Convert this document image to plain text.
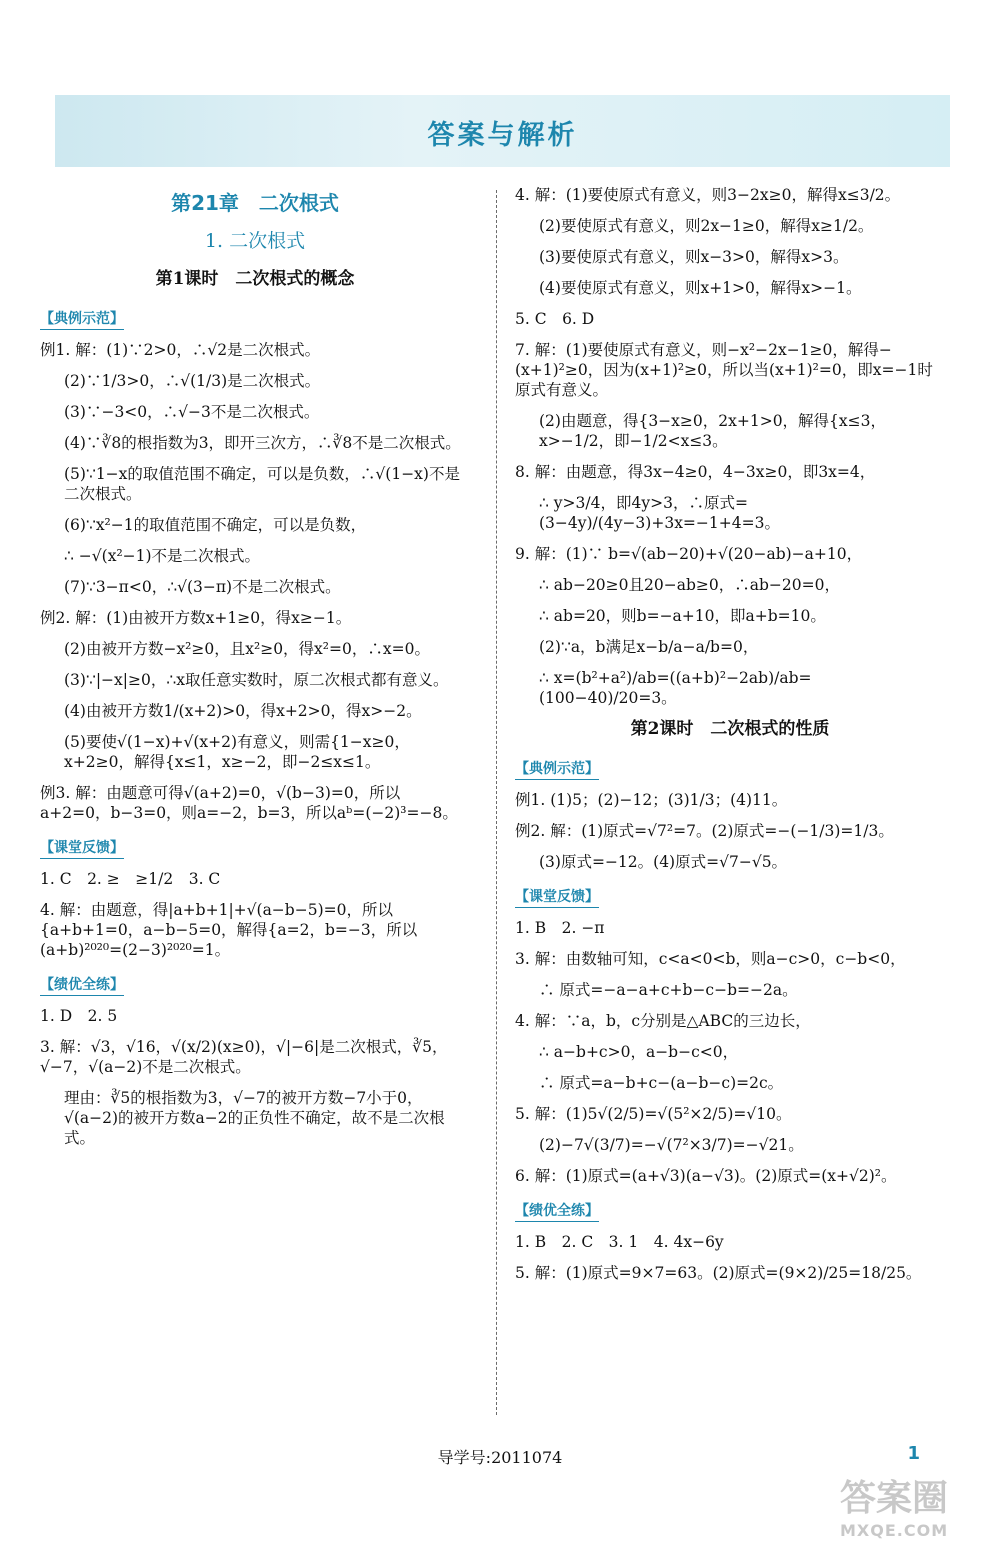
答案与解析
第21章　二次根式
1. 二次根式
第1课时　二次根式的概念
【典例示范】
例1. 解：(1)∵2>0，∴√2是二次根式。
(2)∵1/3>0，∴√(1/3)是二次根式。
(3)∵−3<0，∴√−3不是二次根式。
(4)∵∛8的根指数为3，即开三次方，∴∛8不是二次根式。
(5)∵1−x的取值范围不确定，可以是负数，∴√(1−x)不是二次根式。
(6)∵x²−1的取值范围不确定，可以是负数，
∴ −√(x²−1)不是二次根式。
(7)∵3−π<0，∴√(3−π)不是二次根式。
例2. 解：(1)由被开方数x+1≥0，得x≥−1。
(2)由被开方数−x²≥0，且x²≥0，得x²=0，∴x=0。
(3)∵|−x|≥0，∴x取任意实数时，原二次根式都有意义。
(4)由被开方数1/(x+2)>0，得x+2>0，得x>−2。
(5)要使√(1−x)+√(x+2)有意义，则需{1−x≥0，x+2≥0，解得{x≤1，x≥−2，即−2≤x≤1。
例3. 解：由题意可得√(a+2)=0，√(b−3)=0，所以a+2=0，b−3=0，则a=−2，b=3，所以aᵇ=(−2)³=−8。
【课堂反馈】
1. C　2. ≥　≥1/2　3. C
4. 解：由题意，得|a+b+1|+√(a−b−5)=0，所以{a+b+1=0，a−b−5=0，解得{a=2，b=−3，所以(a+b)²⁰²⁰=(2−3)²⁰²⁰=1。
【绩优全练】
1. D　2. 5
3. 解：√3，√16，√(x/2)(x≥0)，√|−6|是二次根式，∛5，√−7，√(a−2)不是二次根式。
理由：∛5的根指数为3，√−7的被开方数−7小于0，√(a−2)的被开方数a−2的正负性不确定，故不是二次根式。
4. 解：(1)要使原式有意义，则3−2x≥0，解得x≤3/2。
(2)要使原式有意义，则2x−1≥0，解得x≥1/2。
(3)要使原式有意义，则x−3>0，解得x>3。
(4)要使原式有意义，则x+1>0，解得x>−1。
5. C　6. D
7. 解：(1)要使原式有意义，则−x²−2x−1≥0，解得−(x+1)²≥0，因为(x+1)²≥0，所以当(x+1)²=0，即x=−1时原式有意义。
(2)由题意，得{3−x≥0，2x+1>0，解得{x≤3，x>−1/2，即−1/2<x≤3。
8. 解：由题意，得3x−4≥0，4−3x≥0，即3x=4，
∴ y>3/4，即4y>3，∴原式=(3−4y)/(4y−3)+3x=−1+4=3。
9. 解：(1)∵ b=√(ab−20)+√(20−ab)−a+10，
∴ ab−20≥0且20−ab≥0，∴ab−20=0，
∴ ab=20，则b=−a+10，即a+b=10。
(2)∵a，b满足x−b/a−a/b=0，
∴ x=(b²+a²)/ab=((a+b)²−2ab)/ab=(100−40)/20=3。
第2课时　二次根式的性质
【典例示范】
例1. (1)5；(2)−12；(3)1/3；(4)11。
例2. 解：(1)原式=√7²=7。(2)原式=−(−1/3)=1/3。
(3)原式=−12。(4)原式=√7−√5。
【课堂反馈】
1. B　2. −π
3. 解：由数轴可知，c<a<0<b，则a−c>0，c−b<0，
∴ 原式=−a−a+c+b−c−b=−2a。
4. 解：∵a，b，c分别是△ABC的三边长，
∴ a−b+c>0，a−b−c<0，
∴ 原式=a−b+c−(a−b−c)=2c。
5. 解：(1)5√(2/5)=√(5²×2/5)=√10。
(2)−7√(3/7)=−√(7²×3/7)=−√21。
6. 解：(1)原式=(a+√3)(a−√3)。(2)原式=(x+√2)²。
【绩优全练】
1. B　2. C　3. 1　4. 4x−6y
5. 解：(1)原式=9×7=63。(2)原式=(9×2)/25=18/25。
导学号:2011074	1
答案圈
MXQE.COM
